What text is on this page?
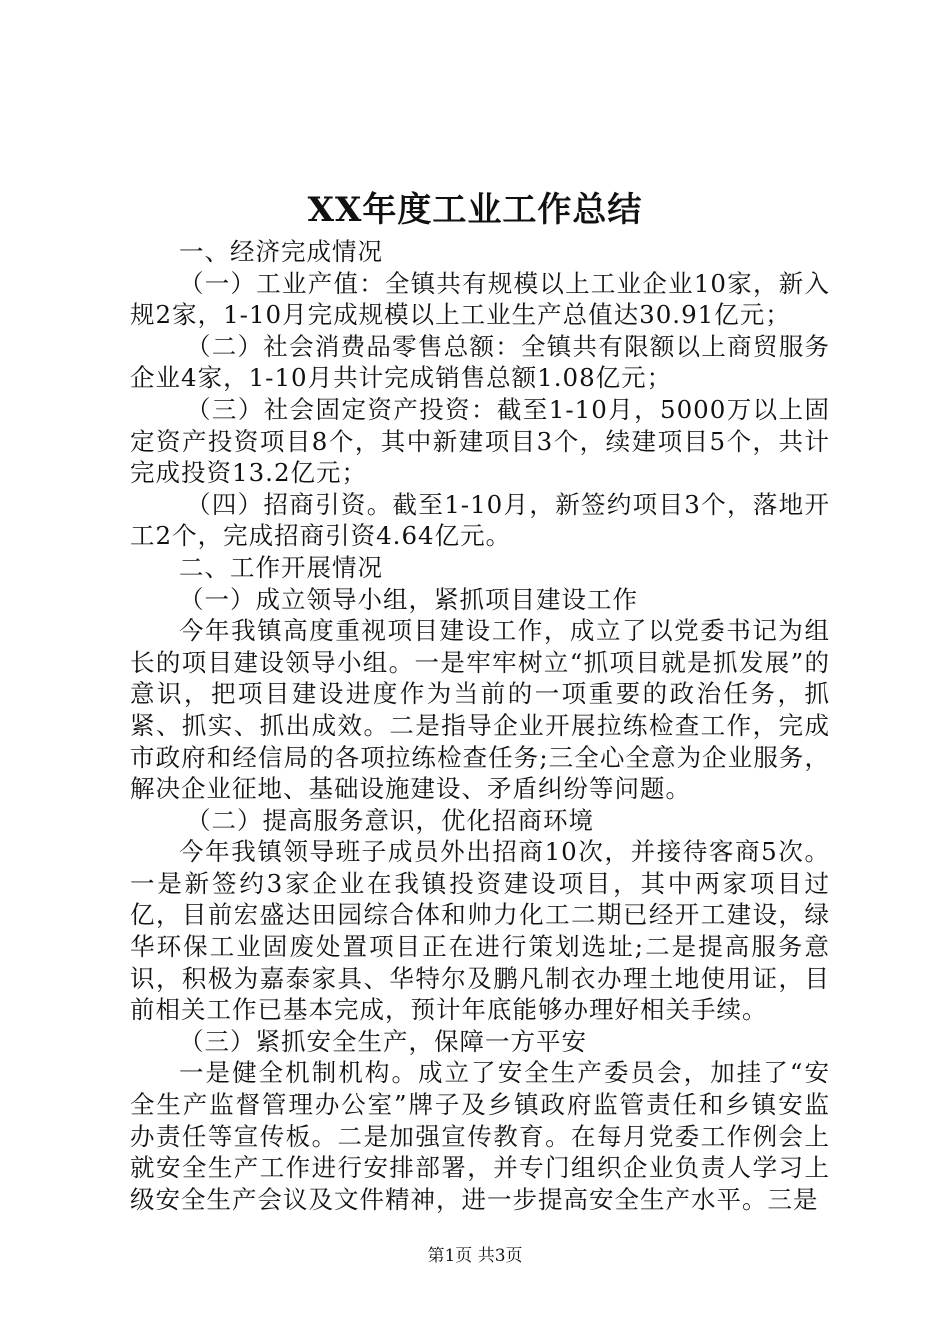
XX年度工业工作总结

一、经济完成情况

（一）工业产值：全镇共有规模以上工业企业10家，新入规2家，1-10月完成规模以上工业生产总值达30.91亿元；

（二）社会消费品零售总额：全镇共有限额以上商贸服务企业4家，1-10月共计完成销售总额1.08亿元；

（三）社会固定资产投资：截至1-10月，5000万以上固定资产投资项目8个，其中新建项目3个，续建项目5个，共计完成投资13.2亿元；

（四）招商引资。截至1-10月，新签约项目3个，落地开工2个，完成招商引资4.64亿元。

二、工作开展情况

（一）成立领导小组，紧抓项目建设工作

今年我镇高度重视项目建设工作，成立了以党委书记为组长的项目建设领导小组。一是牢牢树立“抓项目就是抓发展”的意识，把项目建设进度作为当前的一项重要的政治任务，抓紧、抓实、抓出成效。二是指导企业开展拉练检查工作，完成市政府和经信局的各项拉练检查任务;三全心全意为企业服务，解决企业征地、基础设施建设、矛盾纠纷等问题。

（二）提高服务意识，优化招商环境

今年我镇领导班子成员外出招商10次，并接待客商5次。一是新签约3家企业在我镇投资建设项目，其中两家项目过亿，目前宏盛达田园综合体和帅力化工二期已经开工建设，绿华环保工业固废处置项目正在进行策划选址;二是提高服务意识，积极为嘉泰家具、华特尔及鹏凡制衣办理土地使用证，目前相关工作已基本完成，预计年底能够办理好相关手续。

（三）紧抓安全生产，保障一方平安

一是健全机制机构。成立了安全生产委员会，加挂了“安全生产监督管理办公室”牌子及乡镇政府监管责任和乡镇安监办责任等宣传板。二是加强宣传教育。在每月党委工作例会上就安全生产工作进行安排部署，并专门组织企业负责人学习上级安全生产会议及文件精神，进一步提高安全生产水平。三是

第1页 共3页
